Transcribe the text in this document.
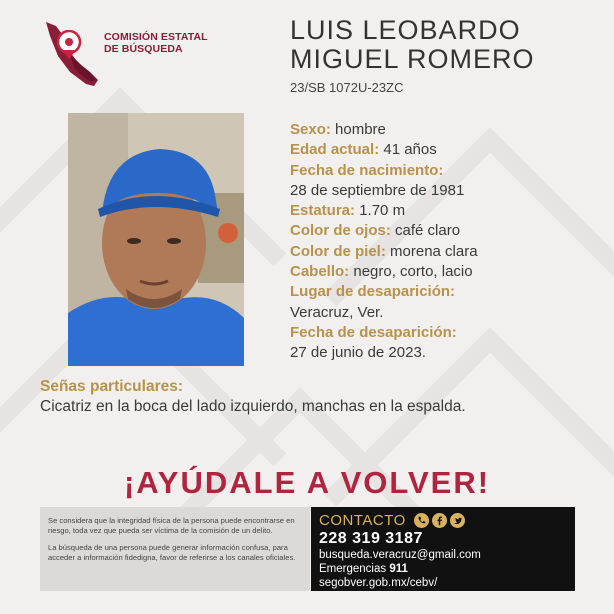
COMISIÓN ESTATAL
DE BÚSQUEDA
LUIS LEOBARDO
MIGUEL ROMERO
23/SB 1072U-23ZC
Sexo: hombre
Edad actual: 41 años
Fecha de nacimiento:
28 de septiembre de 1981
Estatura: 1.70 m
Color de ojos: café claro
Color de piel: morena clara
Cabello: negro, corto, lacio
Lugar de desaparición:
Veracruz, Ver.
Fecha de desaparición:
27 de junio de 2023.
Señas particulares:
Cicatriz en la boca del lado izquierdo, manchas en la espalda.
¡AYÚDALE A VOLVER!

Se considera que la integridad física de la persona puede encontrarse en riesgo, toda vez que pueda ser víctima de la comisión de un delito.

La búsqueda de una persona puede generar información confusa, para acceder a información fidedigna, favor de referirse a los canales oficiales.

CONTACTO
228 319 3187
busqueda.veracruz@gmail.com
Emergencias 911
segobver.gob.mx/cebv/
